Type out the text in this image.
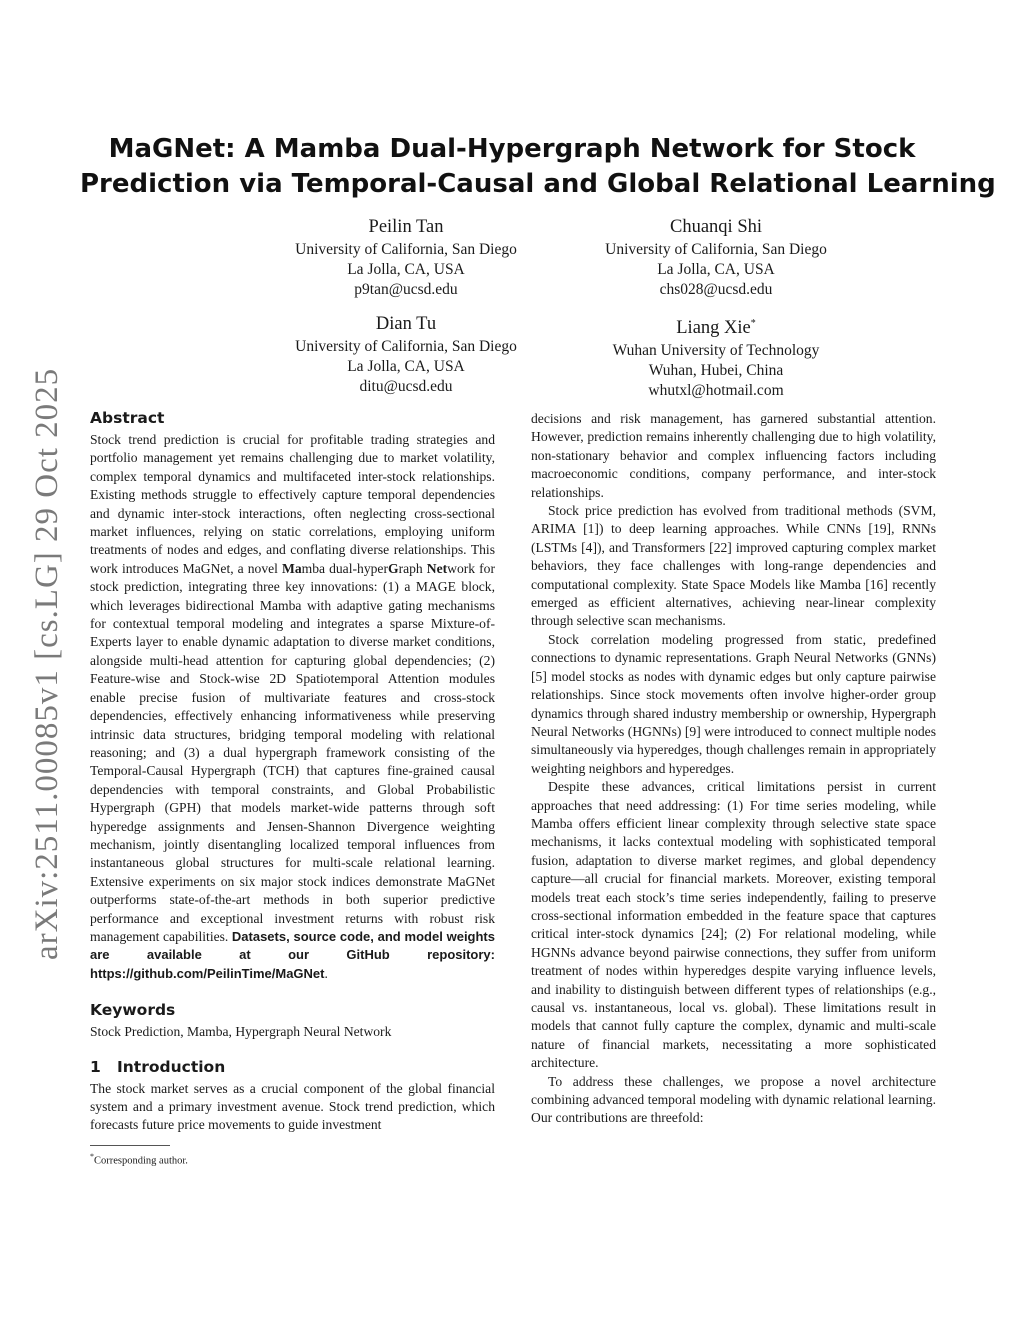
arXiv:2511.00085v1 [cs.LG] 29 Oct 2025
MaGNet: A Mamba Dual-Hypergraph Network for Stock
Prediction via Temporal-Causal and Global Relational Learning
Peilin Tan
University of California, San Diego
La Jolla, CA, USA
p9tan@ucsd.edu
Chuanqi Shi
University of California, San Diego
La Jolla, CA, USA
chs028@ucsd.edu
Dian Tu
University of California, San Diego
La Jolla, CA, USA
ditu@ucsd.edu
Liang Xie*
Wuhan University of Technology
Wuhan, Hubei, China
whutxl@hotmail.com
Abstract

Stock trend prediction is crucial for profitable trading strategies and portfolio management yet remains challenging due to market volatility, complex temporal dynamics and multifaceted inter-stock relationships. Existing methods struggle to effectively capture temporal dependencies and dynamic inter-stock interactions, often neglecting cross-sectional market influences, relying on static correlations, employing uniform treatments of nodes and edges, and conflating diverse relationships. This work introduces MaGNet, a novel Mamba dual-hyperGraph Network for stock prediction, integrating three key innovations: (1) a MAGE block, which leverages bidirectional Mamba with adaptive gating mechanisms for contextual temporal modeling and integrates a sparse Mixture-of-Experts layer to enable dynamic adaptation to diverse market conditions, alongside multi-head attention for capturing global dependencies; (2) Feature-wise and Stock-wise 2D Spatiotemporal Attention modules enable precise fusion of multivariate features and cross-stock dependencies, effectively enhancing informativeness while preserving intrinsic data structures, bridging temporal modeling with relational reasoning; and (3) a dual hypergraph framework consisting of the Temporal-Causal Hypergraph (TCH) that captures fine-grained causal dependencies with temporal constraints, and Global Probabilistic Hypergraph (GPH) that models market-wide patterns through soft hyperedge assignments and Jensen-Shannon Divergence weighting mechanism, jointly disentangling localized temporal influences from instantaneous global structures for multi-scale relational learning. Extensive experiments on six major stock indices demonstrate MaGNet outperforms state-of-the-art methods in both superior predictive performance and exceptional investment returns with robust risk management capabilities. Datasets, source code, and model weights are available at our GitHub repository: https://github.com/PeilinTime/MaGNet.

Keywords

Stock Prediction, Mamba, Hypergraph Neural Network

1 Introduction

The stock market serves as a crucial component of the global financial system and a primary investment avenue. Stock trend prediction, which forecasts future price movements to guide investment

*Corresponding author.

decisions and risk management, has garnered substantial attention. However, prediction remains inherently challenging due to high volatility, non-stationary behavior and complex influencing factors including macroeconomic conditions, company performance, and inter-stock relationships.

Stock price prediction has evolved from traditional methods (SVM, ARIMA [1]) to deep learning approaches. While CNNs [19], RNNs (LSTMs [4]), and Transformers [22] improved capturing complex market behaviors, they face challenges with long-range dependencies and computational complexity. State Space Models like Mamba [16] recently emerged as efficient alternatives, achieving near-linear complexity through selective scan mechanisms.

Stock correlation modeling progressed from static, predefined connections to dynamic representations. Graph Neural Networks (GNNs) [5] model stocks as nodes with dynamic edges but only capture pairwise relationships. Since stock movements often involve higher-order group dynamics through shared industry membership or ownership, Hypergraph Neural Networks (HGNNs) [9] were introduced to connect multiple nodes simultaneously via hyperedges, though challenges remain in appropriately weighting neighbors and hyperedges.

Despite these advances, critical limitations persist in current approaches that need addressing: (1) For time series modeling, while Mamba offers efficient linear complexity through selective state space mechanisms, it lacks contextual modeling with sophisticated temporal fusion, adaptation to diverse market regimes, and global dependency capture—all crucial for financial markets. Moreover, existing temporal models treat each stock’s time series independently, failing to preserve cross-sectional information embedded in the feature space that captures critical inter-stock dynamics [24]; (2) For relational modeling, while HGNNs advance beyond pairwise connections, they suffer from uniform treatment of nodes within hyperedges despite varying influence levels, and inability to distinguish between different types of relationships (e.g., causal vs. instantaneous, local vs. global). These limitations result in models that cannot fully capture the complex, dynamic and multi-scale nature of financial markets, necessitating a more sophisticated architecture.

To address these challenges, we propose a novel architecture combining advanced temporal modeling with dynamic relational learning. Our contributions are threefold:
